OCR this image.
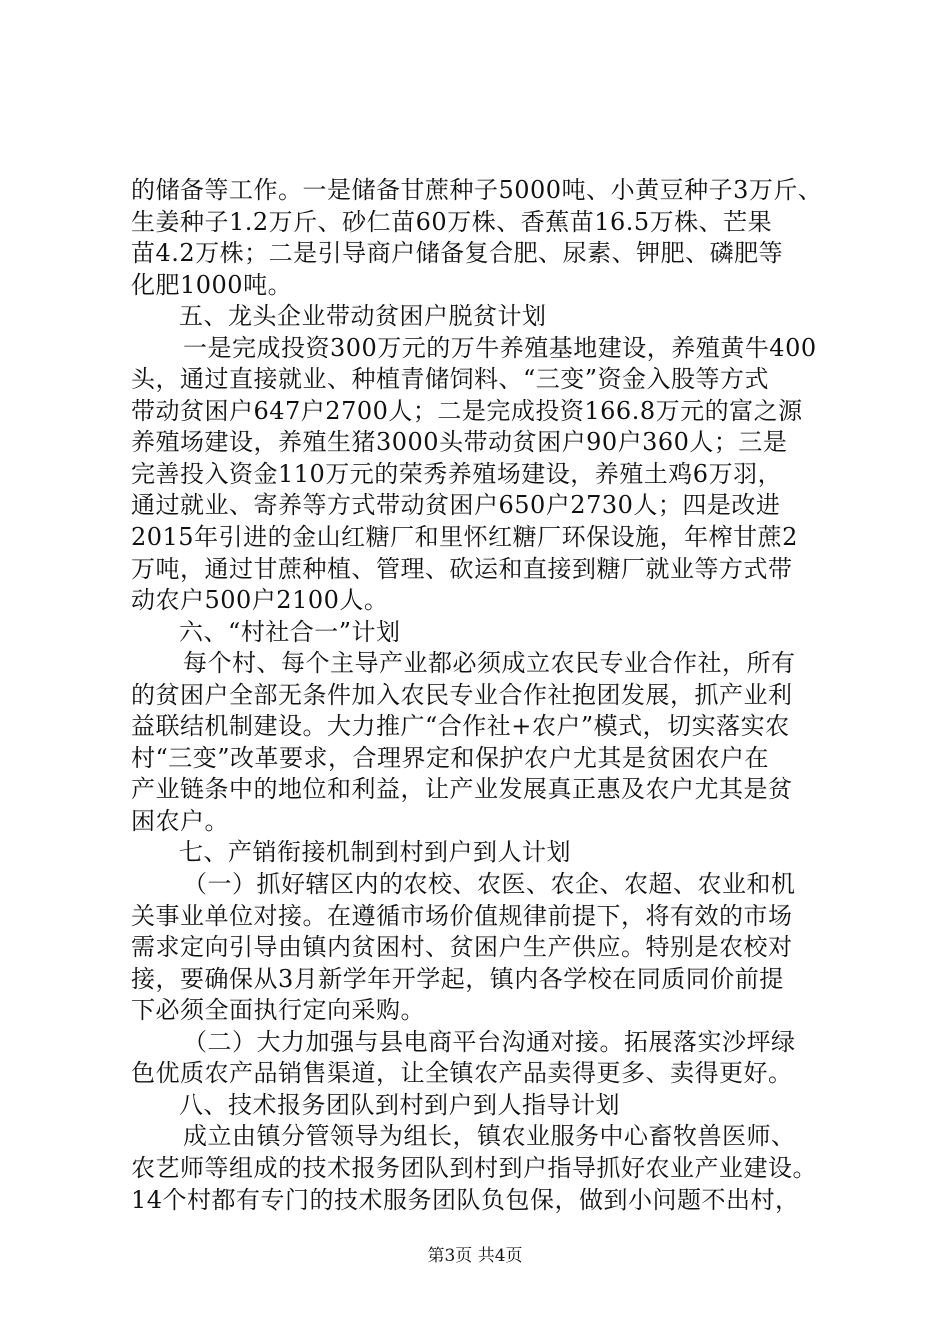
的储备等工作。一是储备甘蔗种子5000吨、小黄豆种子3万斤、
生姜种子1.2万斤、砂仁苗60万株、香蕉苗16.5万株、芒果
苗4.2万株；二是引导商户储备复合肥、尿素、钾肥、磷肥等
化肥1000吨。
五、龙头企业带动贫困户脱贫计划
一是完成投资300万元的万牛养殖基地建设，养殖黄牛400
头，通过直接就业、种植青储饲料、“三变”资金入股等方式
带动贫困户647户2700人；二是完成投资166.8万元的富之源
养殖场建设，养殖生猪3000头带动贫困户90户360人；三是
完善投入资金110万元的荣秀养殖场建设，养殖土鸡6万羽，
通过就业、寄养等方式带动贫困户650户2730人；四是改进
2015年引进的金山红糖厂和里怀红糖厂环保设施，年榨甘蔗2
万吨，通过甘蔗种植、管理、砍运和直接到糖厂就业等方式带
动农户500户2100人。
六、“村社合一”计划
每个村、每个主导产业都必须成立农民专业合作社，所有
的贫困户全部无条件加入农民专业合作社抱团发展，抓产业利
益联结机制建设。大力推广“合作社+农户”模式，切实落实农
村“三变”改革要求，合理界定和保护农户尤其是贫困农户在
产业链条中的地位和利益，让产业发展真正惠及农户尤其是贫
困农户。
七、产销衔接机制到村到户到人计划
（一）抓好辖区内的农校、农医、农企、农超、农业和机
关事业单位对接。在遵循市场价值规律前提下，将有效的市场
需求定向引导由镇内贫困村、贫困户生产供应。特别是农校对
接，要确保从3月新学年开学起，镇内各学校在同质同价前提
下必须全面执行定向采购。
（二）大力加强与县电商平台沟通对接。拓展落实沙坪绿
色优质农产品销售渠道，让全镇农产品卖得更多、卖得更好。
八、技术报务团队到村到户到人指导计划
成立由镇分管领导为组长，镇农业服务中心畜牧兽医师、
农艺师等组成的技术报务团队到村到户指导抓好农业产业建设。
14个村都有专门的技术服务团队负包保，做到小问题不出村，
第3页 共4页
